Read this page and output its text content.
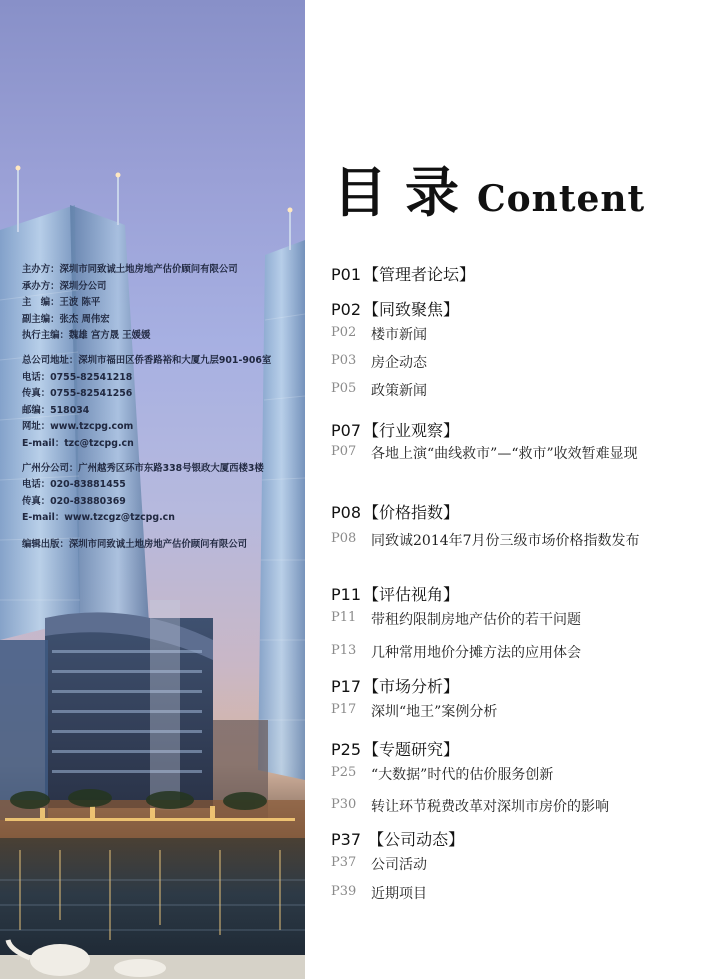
主办方：深圳市同致诚土地房地产估价顾问有限公司
承办方：深圳分公司
主　编：王波 陈平
副主编：张杰 周伟宏
执行主编：魏雄 宫方晟 王媛媛
总公司地址：深圳市福田区侨香路裕和大厦九层901-906室
电话：0755-82541218
传真：0755-82541256
邮编：518034
网址：www.tzcpg.com
E-mail：tzc@tzcpg.cn
广州分公司：广州越秀区环市东路338号银政大厦西楼3楼
电话：020-83881455
传真：020-83880369
E-mail：www.tzcgz@tzcpg.cn
编辑出版：深圳市同致诚土地房地产估价顾问有限公司
目录Content
P01 【管理者论坛】
P02 【同致聚焦】
P02 楼市新闻
P03 房企动态
P05 政策新闻
P07 【行业观察】
P07 各地上演“曲线救市”—“救市”收效暂难显现
P08 【价格指数】
P08 同致诚2014年7月份三级市场价格指数发布
P11 【评估视角】
P11 带租约限制房地产估价的若干问题
P13 几种常用地价分摊方法的应用体会
P17 【市场分析】
P17 深圳“地王”案例分析
P25 【专题研究】
P25 “大数据”时代的估价服务创新
P30 转让环节税费改革对深圳市房价的影响
P37 【公司动态】
P37 公司活动
P39 近期项目
